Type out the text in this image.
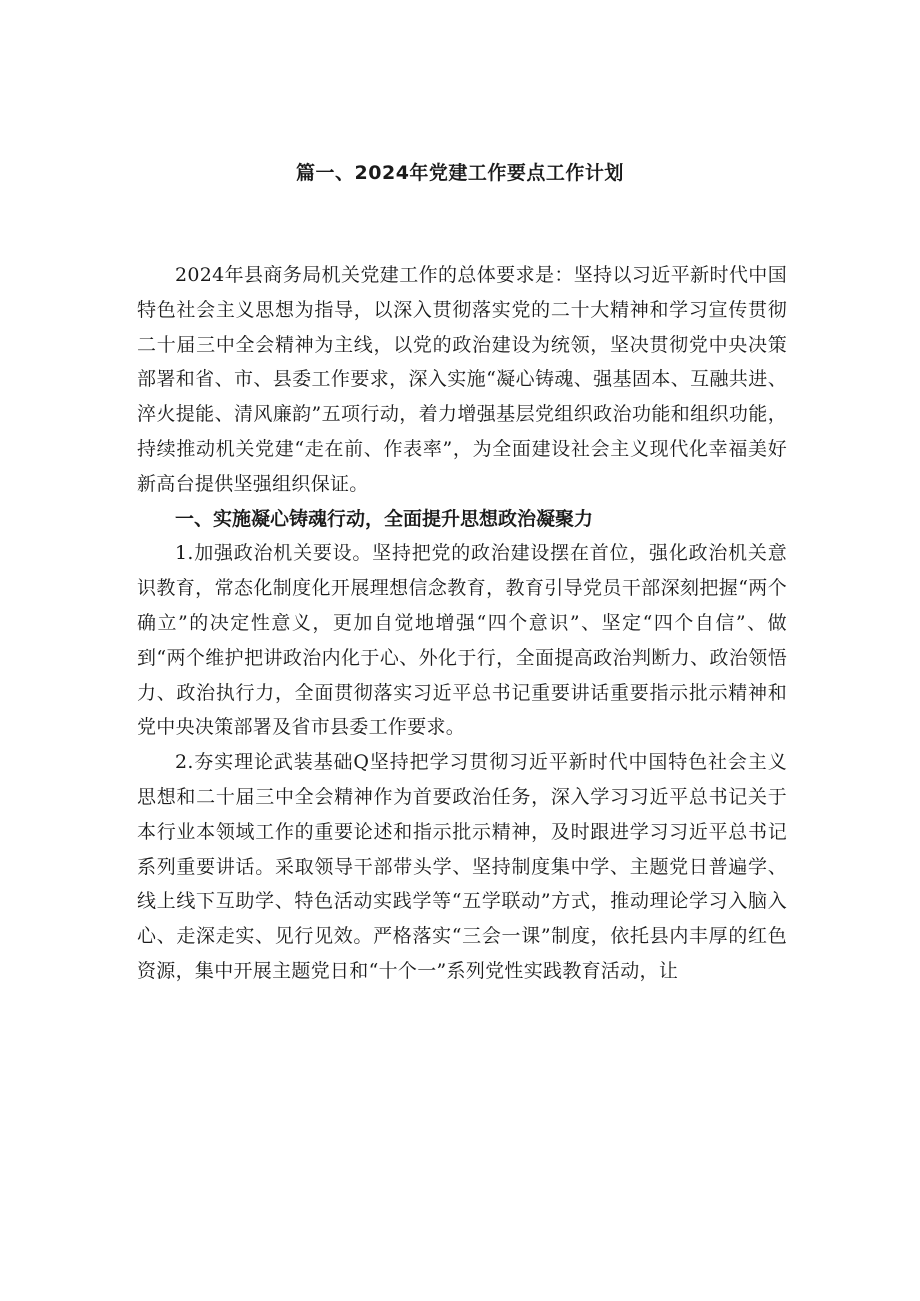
篇一、2024年党建工作要点工作计划

2024年县商务局机关党建工作的总体要求是：坚持以习近平新时代中国特色社会主义思想为指导，以深入贯彻落实党的二十大精神和学习宣传贯彻二十届三中全会精神为主线，以党的政治建设为统领，坚决贯彻党中央决策部署和省、市、县委工作要求，深入实施“凝心铸魂、强基固本、互融共进、淬火提能、清风廉韵”五项行动，着力增强基层党组织政治功能和组织功能，持续推动机关党建“走在前、作表率”，为全面建设社会主义现代化幸福美好新高台提供坚强组织保证。

一、实施凝心铸魂行动，全面提升思想政治凝聚力

1.加强政治机关要设。坚持把党的政治建设摆在首位，强化政治机关意识教育，常态化制度化开展理想信念教育，教育引导党员干部深刻把握“两个确立”的决定性意义，更加自觉地增强“四个意识”、坚定“四个自信”、做到“两个维护把讲政治内化于心、外化于行，全面提高政治判断力、政治领悟力、政治执行力，全面贯彻落实习近平总书记重要讲话重要指示批示精神和党中央决策部署及省市县委工作要求。

2.夯实理论武装基础Q坚持把学习贯彻习近平新时代中国特色社会主义思想和二十届三中全会精神作为首要政治任务，深入学习习近平总书记关于本行业本领域工作的重要论述和指示批示精神，及时跟进学习习近平总书记系列重要讲话。采取领导干部带头学、坚持制度集中学、主题党日普遍学、线上线下互助学、特色活动实践学等“五学联动”方式，推动理论学习入脑入心、走深走实、见行见效。严格落实“三会一课”制度，依托县内丰厚的红色资源，集中开展主题党日和“十个一”系列党性实践教育活动，让
